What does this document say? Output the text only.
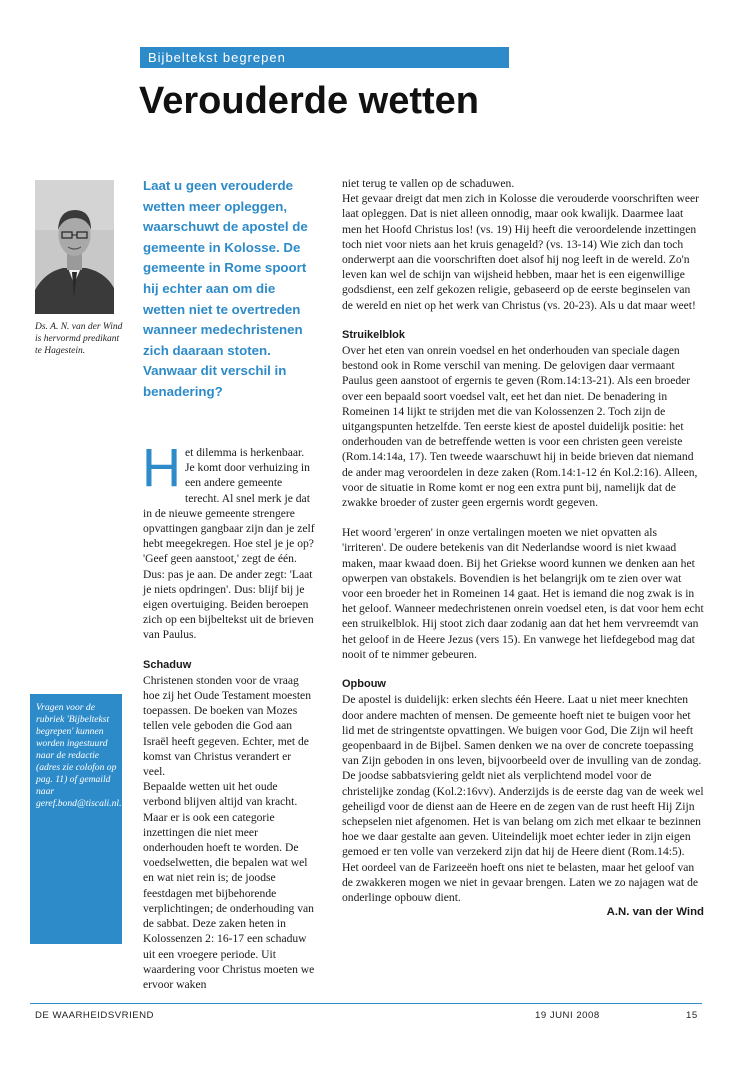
Bijbeltekst begrepen
Verouderde wetten
Ds. A. N. van der Wind is hervormd predikant te Hagestein.
Vragen voor de rubriek 'Bijbeltekst begrepen' kunnen worden ingestuurd naar de redactie (adres zie colofon op pag. 11) of gemaild naar geref.bond@tiscali.nl.
Laat u geen verouderde wetten meer opleggen, waarschuwt de apostel de gemeente in Kolosse. De gemeente in Rome spoort hij echter aan om die wetten niet te overtreden wanneer medechristenen zich daaraan stoten. Vanwaar dit verschil in benadering?
H et dilemma is herkenbaar. Je komt door verhuizing in een andere gemeente terecht. Al snel merk je dat in de nieuwe gemeente strengere opvattingen gangbaar zijn dan je zelf hebt meegekregen. Hoe stel je je op? 'Geef geen aanstoot,' zegt de één. Dus: pas je aan. De ander zegt: 'Laat je niets opdringen'. Dus: blijf bij je eigen overtuiging. Beiden beroepen zich op een bijbeltekst uit de brieven van Paulus.

Schaduw

Christenen stonden voor de vraag hoe zij het Oude Testament moesten toepassen. De boeken van Mozes tellen vele geboden die God aan Israël heeft gegeven. Echter, met de komst van Christus verandert er veel.

Bepaalde wetten uit het oude verbond blijven altijd van kracht. Maar er is ook een categorie inzettingen die niet meer onderhouden hoeft te worden. De voedselwetten, die bepalen wat wel en wat niet rein is; de joodse feestdagen met bijbehorende verplichtingen; de onderhouding van de sabbat. Deze zaken heten in Kolossenzen 2: 16-17 een schaduw uit een vroegere periode. Uit waardering voor Christus moeten we ervoor waken

niet terug te vallen op de schaduwen.

Het gevaar dreigt dat men zich in Kolosse die verouderde voorschriften weer laat opleggen. Dat is niet alleen onnodig, maar ook kwalijk. Daarmee laat men het Hoofd Christus los! (vs. 19) Hij heeft die veroordelende inzettingen toch niet voor niets aan het kruis genageld? (vs. 13-14) Wie zich dan toch onderwerpt aan die voorschriften doet alsof hij nog leeft in de wereld. Zo'n leven kan wel de schijn van wijsheid hebben, maar het is een eigenwillige godsdienst, een zelf gekozen religie, gebaseerd op de eerste beginselen van de wereld en niet op het werk van Christus (vs. 20-23). Als u dat maar weet!

Struikelblok

Over het eten van onrein voedsel en het onderhouden van speciale dagen bestond ook in Rome verschil van mening. De gelovigen daar vermaant Paulus geen aanstoot of ergernis te geven (Rom.14:13-21). Als een broeder over een bepaald soort voedsel valt, eet het dan niet. De benadering in Romeinen 14 lijkt te strijden met die van Kolossenzen 2. Toch zijn de uitgangspunten hetzelfde. Ten eerste kiest de apostel duidelijk positie: het onderhouden van de betreffende wetten is voor een christen geen vereiste (Rom.14:14a, 17). Ten tweede waarschuwt hij in beide brieven dat niemand de ander mag veroordelen in deze zaken (Rom.14:1-12 én Kol.2:16). Alleen, voor de situatie in Rome komt er nog een extra punt bij, namelijk dat de zwakke broeder of zuster geen ergernis wordt gegeven.

Het woord 'ergeren' in onze vertalingen moeten we niet opvatten als 'irriteren'. De oudere betekenis van dit Nederlandse woord is niet kwaad maken, maar kwaad doen. Bij het Griekse woord kunnen we denken aan het opwerpen van obstakels. Bovendien is het belangrijk om te zien over wat voor een broeder het in Romeinen 14 gaat. Het is iemand die nog zwak is in het geloof. Wanneer medechristenen onrein voedsel eten, is dat voor hem echt een struikelblok. Hij stoot zich daar zodanig aan dat het hem vervreemdt van het geloof in de Heere Jezus (vers 15). En vanwege het liefdegebod mag dat nooit of te nimmer gebeuren.

Opbouw

De apostel is duidelijk: erken slechts één Heere. Laat u niet meer knechten door andere machten of mensen. De gemeente hoeft niet te buigen voor het lid met de stringentste opvattingen. We buigen voor God, Die Zijn wil heeft geopenbaard in de Bijbel. Samen denken we na over de concrete toepassing van Zijn geboden in ons leven, bijvoorbeeld over de invulling van de zondag. De joodse sabbatsviering geldt niet als verplichtend model voor de christelijke zondag (Kol.2:16vv). Anderzijds is de eerste dag van de week wel geheiligd voor de dienst aan de Heere en de zegen van de rust heeft Hij Zijn schepselen niet afgenomen. Het is van belang om zich met elkaar te bezinnen hoe we daar gestalte aan geven. Uiteindelijk moet echter ieder in zijn eigen gemoed er ten volle van verzekerd zijn dat hij de Heere dient (Rom.14:5). Het oordeel van de Farizeeën hoeft ons niet te belasten, maar het geloof van de zwakkeren mogen we niet in gevaar brengen. Laten we zo najagen wat de onderlinge opbouw dient.

A.N. van der Wind

DE WAARHEIDSVRIEND	19 JUNI 2008	15
